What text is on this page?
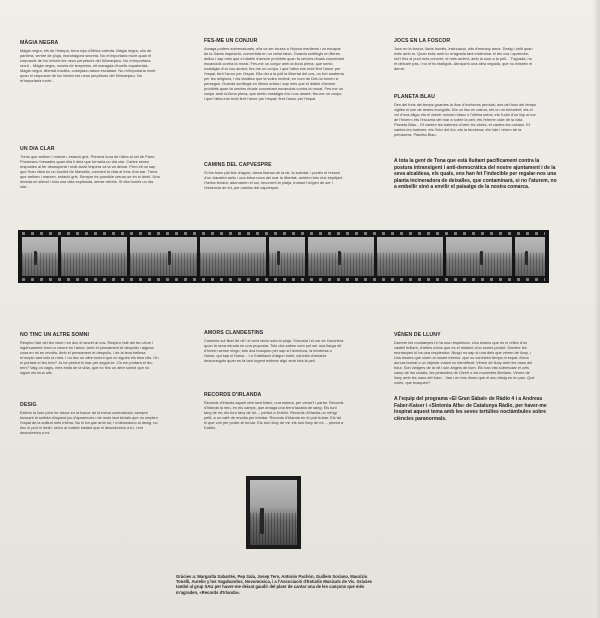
MÀGIA NEGRA

Màgia negra, ets de l'estepa, terra roja d'Àfrica calenta. Màgia negra, ulls de pantera, ventre de pluja, mandràgora secreta. No m'importaria morir quan el crepuscle de foc teixeix les neus perpètues del Kilimanjaro. No m'importaria morir... Màgia negra, novela de tempesta, nit maragda d'ocells equatorials. Màgia negra, llibertat insòlita, cobejada natura esclatant. No m'importaria morir quan el crepuscle de foc teixeix les neus perpètues del Kilimanjaro. No m'importaria morir...

UN DIA CLAR

Trens que arriben i marxen, estació gris. Primera hora de l'alba al cel de París. Promeses i besades quan ella li deia que tornaria un dia clar. Cartes seves respostes al fer desesperat i molt aviat l'espera va la va deixar. Però ell no sap que l'han vista en un bordell de Marsella, cremant la vida al fons d'un bar. Trens que arriben i marxen, estació gris. Sempre és possible creuar-se en el destí. Una mirada en silenci i tota una vida esplicada, sense retrets. Si ella tornés un dia clar...

FES-ME UN CONJUR

Amaga poders sobrenaturals, ella va ser bruixa a l'època medieval i va escapar de la Santa Inquisició, convertida en un vellut fatxó. Guarda sortilegis en llibres antics i sap més que el diable d'amore prohibits quan fa cercles rituals concertant escandols contra la moral. Fes-me un conjur amb la lluna plena, que sento nostàlgia d'un cos amant; fes-me un conjur, i que l'alba ens trobi fent l'amor per l'espai, fent l'amor per l'espai. Ella diu a la pell la llibertat del cos, un fort anatema per les religions, i els fanàtics que la volen redimir, en nom de Déu la tornen a perseguir. Guarda sortilegis en llibres antics i sap més que el diable d'amore prohibits quan fa cercles rituals concertant escandols contra la moral. Fes-me un conjur amb la lluna plena, que sento nostàlgia d'un cos amant; fes-me un conjur, i que l'alba ens trobi fent l'amor per l'espai; fent l'amor per l'espai.

CAMINS DEL CAPVESPRE

Si fos fums pàl·lids d'agost, dama blanca de la nit, la soledat, i portés el resseò d'un clausèm antic i una brisa nova del mar la llibertat, aniríem ben rius trepitjant l'herba tendra; adornarem el sol, recorrent la platja, trobant l'origen de ser i l'essència de tot, per camins del capvespre.

JOCS EN LA FOSCOR

Jocs en la foscor, llavis humits, insinuació, nits d'estrany amor. Desig i oblit quan estic amb tu. Quan estic amb tu m'agrada tant endevinar el teu cos i aprendre-me'l fins al punt més concret, el més ardent, amb la suor a la pell... T'agrada, no et deixaré pas, i no m'ho fastiguis. Abraça'm una altra vegada, que no existeix el demà.

PLANETA BLAU

Des del fons del temps guardes la llum d'horitzons perduts; des del fons del temps vigiles el son de restes incògnits. Ets un llac en calma, ets un riu turbulent; ets el vol d'una àliga; ets el darrer unicorn blanc o l'última selva; ets l'udol d'un llop al cor de l'hivern; ets l'escuma del mar a sobre la pell; ets l'eterne cicle de la vida. Planeta Blau... Et canten les balenes d'ortre les cicles, et cantes les oceans. Et cantes les balenes; ets l'inici del foc; ets la tendresa; ets l'alè i retorn de la primavera. Planeta Blau.

A tota la gent de Tona que està lluitant pacíficament contra la postura intransigent i anti-democràtica del nostre ajuntament i de la seva alcaldesa, els quals, ens han fet l'indecible per regalar-nos una planta incineradora de deixalles, que contaminarà, si no l'aturem, no a embellir sinó a envilir el paisatge de la nostra comarca.

NO TINC UN ALTRE SOMNI

Respiro l'alè del teu viure i en duc el secret al cos. Respiro l'alè del teu viure i ingènuament torno a creure en l'amor. Amb el pensament et despullo i alguna cosa en mi es revolta. Amb el pensament et despullo, i de la teva bellesa m'omplo tant sols la roba. I no tinc un altre somni que no sigués els teus ulls. On el portarà el teu tren? Jo he perdut el mar per seguir-te. On em portarà el teu tren? Vaig on vagis, més enllà de la vida, que no tinc un altre somni que no siguin els teus ulls.

DESIG

Estimo la llum però he viscut en la foscor de la meva contradicció; sempre buscant la sortida d'aquest joc d'aparences i de mots tant trivials que no omplen l'espai de la solitud més íntima. No hi ha que amb tot, i m'abandono al desig, no tinc ni port ni destí; neixo al mateix instant que el descobreixo a tu, i em descobreixo a mi.

AMORS CLANDESTINS

Camines sol·litari de nit i el vent venis sota la pluja. S'acosta i el cor se t'accelera quan la seva mirada es una proposta. Tots dos sabeu com pot ser una llarga nit d'hivern sense ningú; tots dos busqueu per sap si l'aventura, la tendresa o l'amor, qui sap si l'amor... I a l'habitació d'algun hotel, carícies d'amants desconeguts quan es fa tant urgent estimar algú amb tota la pell.

RECORDS D'IRLANDA

Records d'Irlanda aquell vent tant blanc, una estona, per veure't i parlar. Records d'Irlanda la neu, en els camps, que amaga una terra tacada de sang. Els turó fany de mi; els turó fany de mi..., perdut a Dublín. Records d'Irlanda un refugi petit, a un cafè de revolta per brindar. Records d'Irlanda en el pub trobar. Els tal el que volí per poder-te tornar. Els turó fany de mi; els turó fany de mi..., perdut a Dublín.

VÉNEN DE LLUNY

Darrere les muntanyes hi ha una resplendor. Uns éssers que és el reflex d'un castell brillant, d'altres móns que es el reialme d'un somni perdut. Darrere les muntanyes hi ha una resplendor. Ningú no sap si una dels que vénen de lluny. I Uns éssers que viuen al nostre interior, que no coneixen temps ni espai; d'una aurora boreal o un objecte volant no identificat. Vénen de lluny amb les naus del futur. Són viatgers de la nit i són àngels de llum. Els han vist sobrevolar el cels camp de les ciutats, les piràmides de Gizeh o els monestirs tibetans. Vénen de lluny amb les naus del futur... Van i en ens diuen que el seu desig es en pau. Què volen, que busquen?

A l'equip del programa «El Gran Sàbat» de Ràdio 4 i a Andreas Faber-Kaiser i «Sintonia Alfa» de Catalunya Ràdio, per haver-me inspirat aquest tema amb les seves tertúlies noctàmbules sobre ciències paranormals.

Gràcies a: Margarita Sabartés, Pep Sala, Josep Tero, Antonio Pachón, Guillem Soriano, Maurizio Tonelli, Aurelio y los Vagabundos, Novomúsica, i a l'Associació d'Estudis Musicals de Vic. Gràcies també al grup SAU per haver-me deixat gaudir del plaer de cantar una de les cançons que més m'agraden, «Records d'Irlanda».
